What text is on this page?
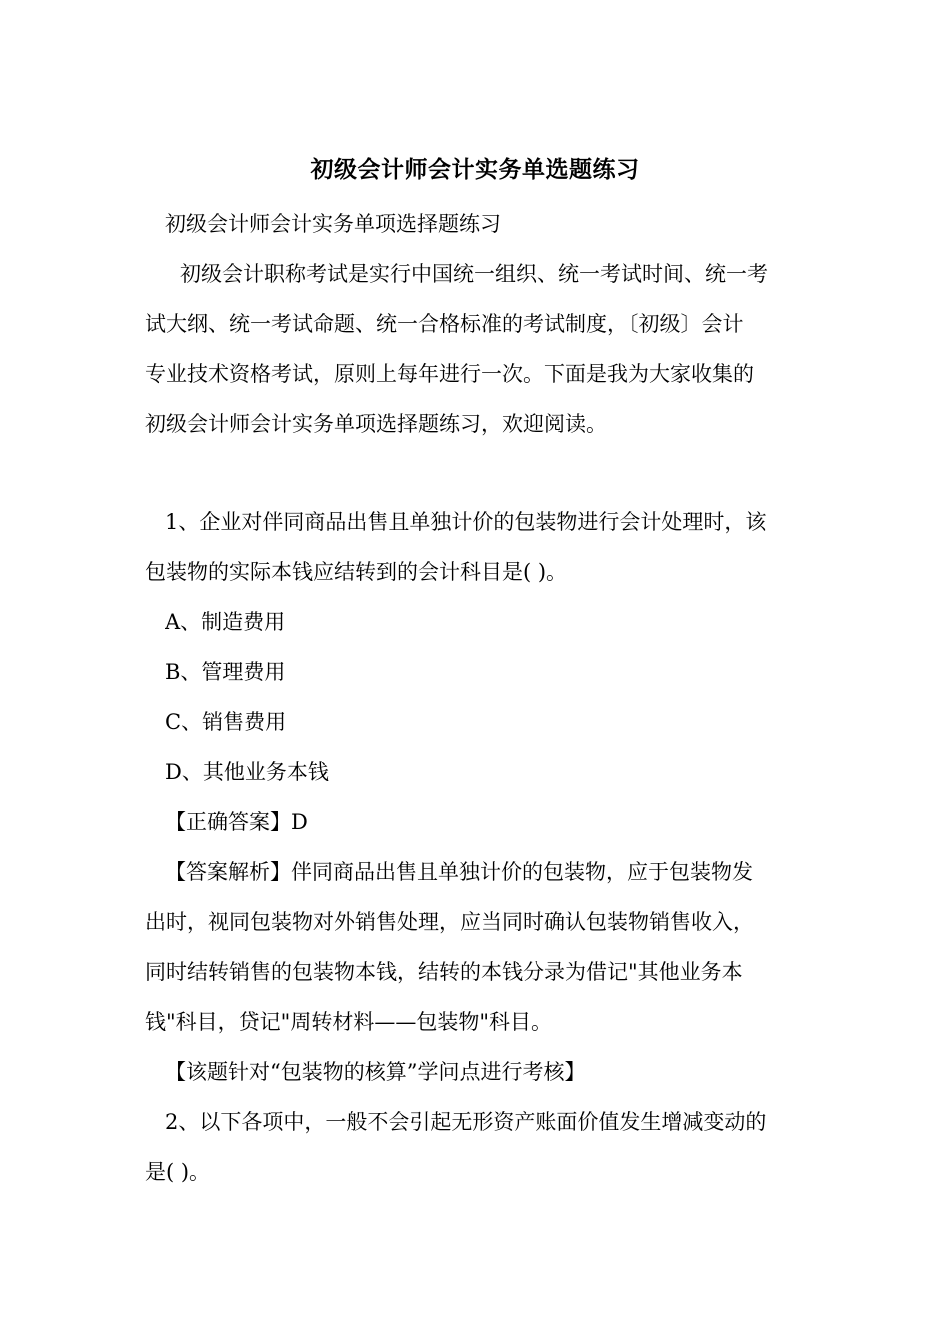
初级会计师会计实务单选题练习
初级会计师会计实务单项选择题练习
初级会计职称考试是实行中国统一组织、统一考试时间、统一考
试大纲、统一考试命题、统一合格标准的考试制度，〔初级〕会计
专业技术资格考试，原则上每年进行一次。下面是我为大家收集的
初级会计师会计实务单项选择题练习，欢迎阅读。
1、企业对伴同商品出售且单独计价的包装物进行会计处理时，该
包装物的实际本钱应结转到的会计科目是( )。
A、制造费用
B、管理费用
C、销售费用
D、其他业务本钱
【正确答案】D
【答案解析】伴同商品出售且单独计价的包装物，应于包装物发
出时，视同包装物对外销售处理，应当同时确认包装物销售收入，
同时结转销售的包装物本钱，结转的本钱分录为借记"其他业务本
钱"科目，贷记"周转材料——包装物"科目。
【该题针对“包装物的核算”学问点进行考核】
2、以下各项中，一般不会引起无形资产账面价值发生增减变动的
是( )。
